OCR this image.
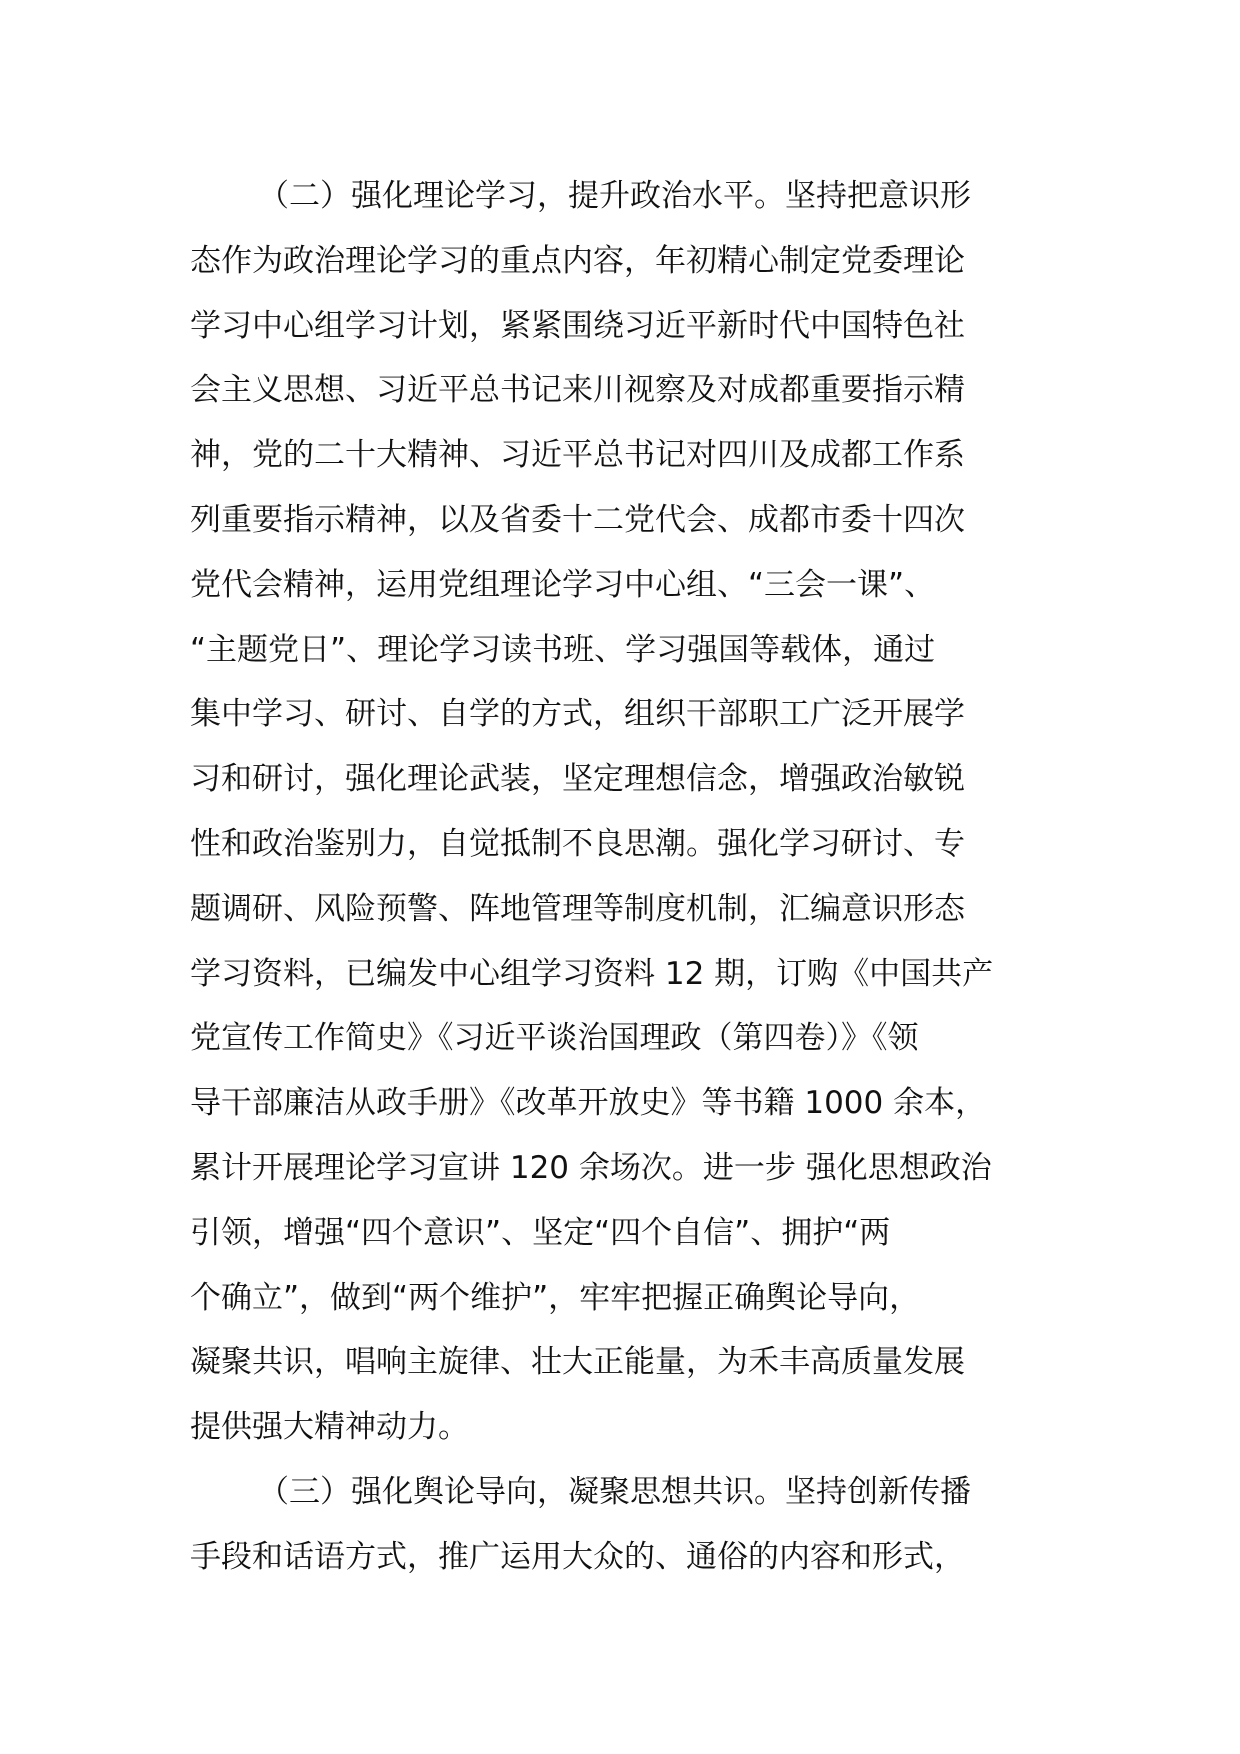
（二）强化理论学习，提升政治水平。坚持把意识形
态作为政治理论学习的重点内容，年初精心制定党委理论
学习中心组学习计划，紧紧围绕习近平新时代中国特色社
会主义思想、习近平总书记来川视察及对成都重要指示精
神，党的二十大精神、习近平总书记对四川及成都工作系
列重要指示精神，以及省委十二党代会、成都市委十四次
党代会精神，运用党组理论学习中心组、“三会一课”、
“主题党日”、理论学习读书班、学习强国等载体，通过
集中学习、研讨、自学的方式，组织干部职工广泛开展学
习和研讨，强化理论武装，坚定理想信念，增强政治敏锐
性和政治鉴别力，自觉抵制不良思潮。强化学习研讨、专
题调研、风险预警、阵地管理等制度机制，汇编意识形态
学习资料，已编发中心组学习资料 12 期，订购《中国共产
党宣传工作简史》《习近平谈治国理政（第四卷）》《领
导干部廉洁从政手册》《改革开放史》等书籍 1000 余本，
累计开展理论学习宣讲 120 余场次。进一步 强化思想政治
引领，增强“四个意识”、坚定“四个自信”、拥护“两
个确立”，做到“两个维护”，牢牢把握正确舆论导向，
凝聚共识，唱响主旋律、壮大正能量，为禾丰高质量发展
提供强大精神动力。
（三）强化舆论导向，凝聚思想共识。坚持创新传播
手段和话语方式，推广运用大众的、通俗的内容和形式，
